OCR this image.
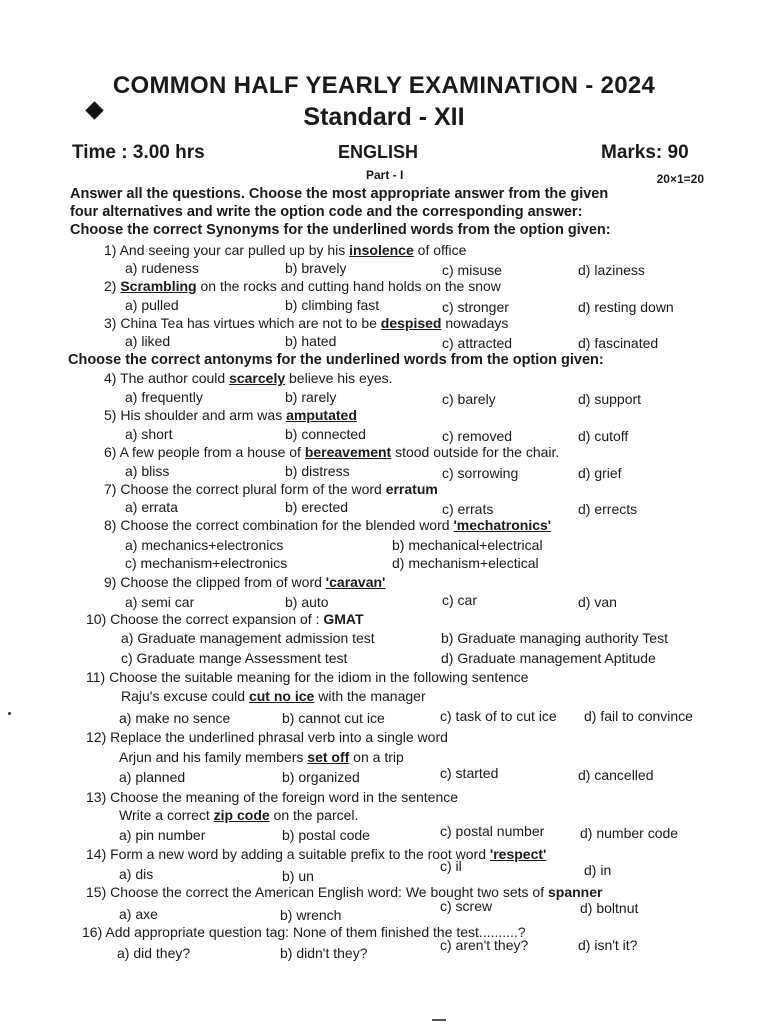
COMMON HALF YEARLY EXAMINATION - 2024
Standard - XII
Time : 3.00 hrs	ENGLISH	Marks: 90
Part - I	20×1=20
Answer all the questions. Choose the most appropriate answer from the given
four alternatives and write the option code and the corresponding answer:
Choose the correct Synonyms for the underlined words from the option given:
1) And seeing your car pulled up by his insolence of office
a) rudeness	b) bravely	c) misuse	d) laziness
2) Scrambling on the rocks and cutting hand holds on the snow
a) pulled	b) climbing fast	c) stronger	d) resting down
3) China Tea has virtues which are not to be despised nowadays
a) liked	b) hated	c) attracted	d) fascinated
Choose the correct antonyms for the underlined words from the option given:
4) The author could scarcely believe his eyes.
a) frequently	b) rarely	c) barely	d) support
5) His shoulder and arm was amputated
a) short	b) connected	c) removed	d) cutoff
6) A few people from a house of bereavement stood outside for the chair.
a) bliss	b) distress	c) sorrowing	d) grief
7) Choose the correct plural form of the word erratum
a) errata	b) erected	c) errats	d) errects
8) Choose the correct combination for the blended word 'mechatronics'
a) mechanics+electronics	b) mechanical+electrical
c) mechanism+electronics	d) mechanism+electical
9) Choose the clipped from of word 'caravan'
a) semi car	b) auto	c) car	d) van
10) Choose the correct expansion of : GMAT
a) Graduate management admission test	b) Graduate managing authority Test
c) Graduate mange Assessment test	d) Graduate management Aptitude
11) Choose the suitable meaning for the idiom in the following sentence
Raju's excuse could cut no ice with the manager
a) make no sence	b) cannot cut ice	c) task of to cut ice d) fail to convince
12) Replace the underlined phrasal verb into a single word
Arjun and his family members set off on a trip
a) planned	b) organized	c) started	d) cancelled
13) Choose the meaning of the foreign word in the sentence
Write a correct zip code on the parcel.
a) pin number	b) postal code	c) postal number	d) number code
14) Form a new word by adding a suitable prefix to the root word 'respect'
a) dis	b) un
c) il	d) in
15) Choose the correct the American English word: We bought two sets of spanner
a) axe	b) wrench
c) screw	d) boltnut
16) Add appropriate question tag: None of them finished the test..........?
a) did they?	b) didn't they?	c) aren't they?	d) isn't it?
